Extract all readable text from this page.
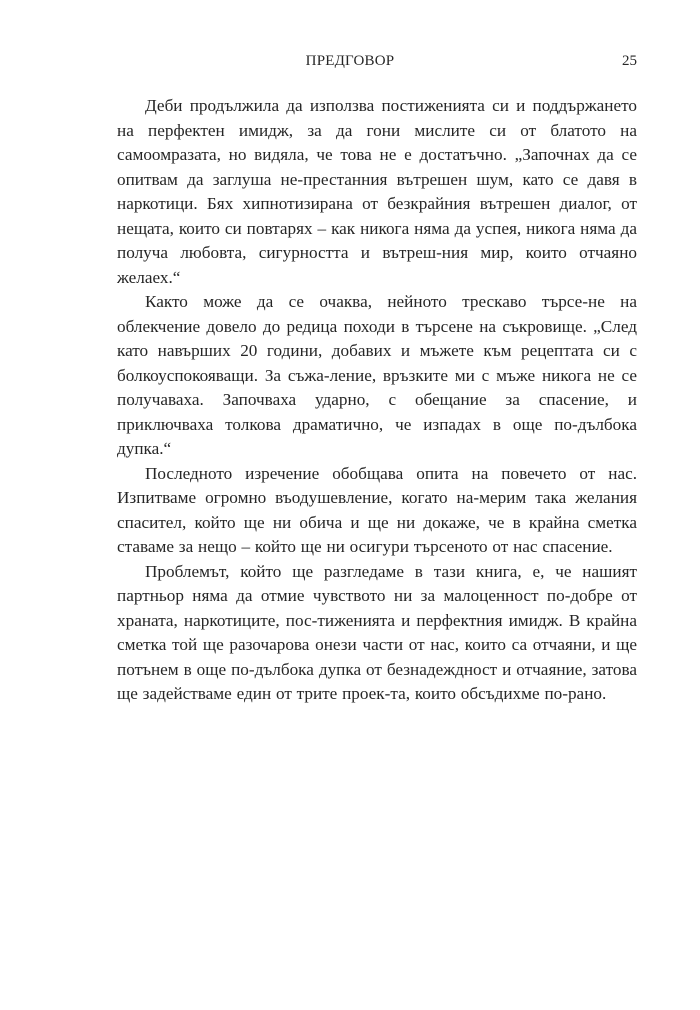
ПРЕДГОВОР	25

Деби продължила да използва постиженията си и поддържането на перфектен имидж, за да гони мислите си от блатото на самоомразата, но видяла, че това не е достатъчно. „Започнах да се опитвам да заглуша не-престанния вътрешен шум, като се давя в наркотици. Бях хипнотизирана от безкрайния вътрешен диалог, от нещата, които си повтарях – как никога няма да успея, никога няма да получа любовта, сигурността и вътреш-ния мир, които отчаяно желаех.“

Както може да се очаква, нейното трескаво търсе-не на облекчение довело до редица походи в търсене на съкровище. „След като навърших 20 години, добавих и мъжете към рецептата си с болкоуспокояващи. За съжа-ление, връзките ми с мъже никога не се получаваха. Започваха ударно, с обещание за спасение, и приключваха толкова драматично, че изпадах в още по-дълбока дупка.“

Последното изречение обобщава опита на повечето от нас. Изпитваме огромно въодушевление, когато на-мерим така желания спасител, който ще ни обича и ще ни докаже, че в крайна сметка ставаме за нещо – който ще ни осигури търсеното от нас спасение.

Проблемът, който ще разгледаме в тази книга, е, че нашият партньор няма да отмие чувството ни за малоценност по-добре от храната, наркотиците, пос-тиженията и перфектния имидж. В крайна сметка той ще разочарова онези части от нас, които са отчаяни, и ще потънем в още по-дълбока дупка от безнадеждност и отчаяние, затова ще задействаме един от трите проек-та, които обсъдихме по-рано.
